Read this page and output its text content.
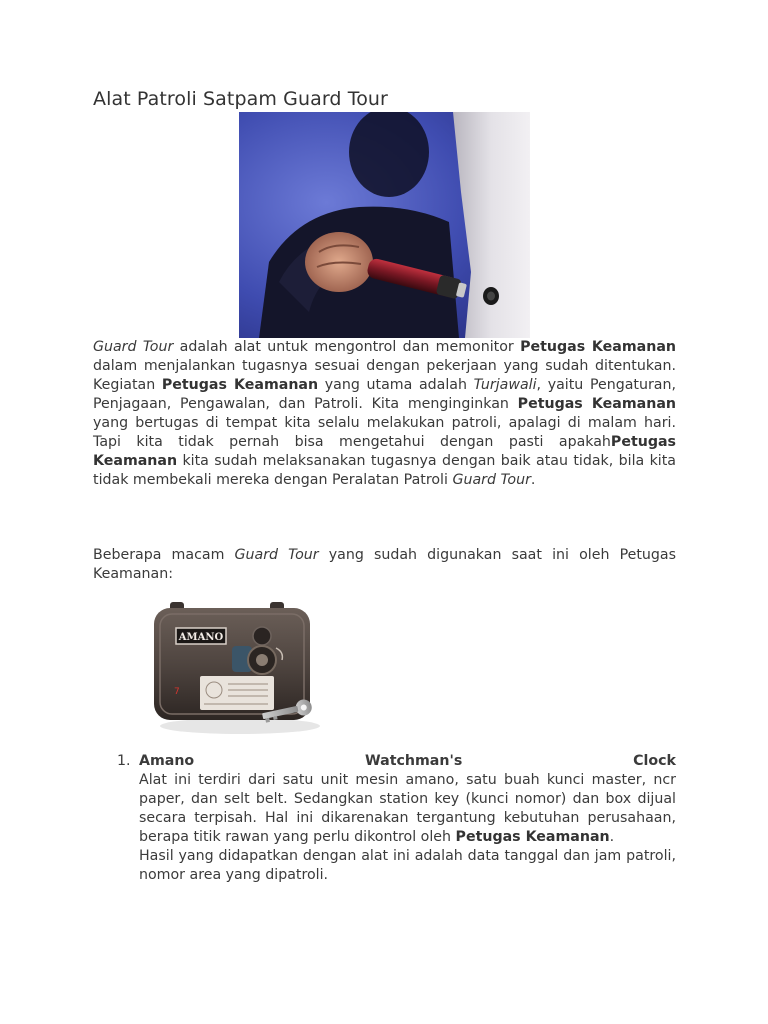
Alat Patroli Satpam Guard Tour

Guard Tour adalah alat untuk mengontrol dan memonitor Petugas Keamanan dalam menjalankan tugasnya sesuai dengan pekerjaan yang sudah ditentukan. Kegiatan Petugas Keamanan yang utama adalah Turjawali, yaitu Pengaturan, Penjagaan, Pengawalan, dan Patroli. Kita menginginkan Petugas Keamanan yang bertugas di tempat kita selalu melakukan patroli, apalagi di malam hari. Tapi kita tidak pernah bisa mengetahui dengan pasti apakahPetugas Keamanan kita sudah melaksanakan tugasnya dengan baik atau tidak, bila kita tidak membekali mereka dengan Peralatan Patroli Guard Tour.

Beberapa macam Guard Tour yang sudah digunakan saat ini oleh Petugas Keamanan:

AMANO
7
1. Amano	Watchman's	Clock
Alat ini terdiri dari satu unit mesin amano, satu buah kunci master, ncr paper, dan selt belt. Sedangkan station key (kunci nomor) dan box dijual secara terpisah. Hal ini dikarenakan tergantung kebutuhan perusahaan, berapa titik rawan yang perlu dikontrol oleh Petugas Keamanan.
Hasil yang didapatkan dengan alat ini adalah data tanggal dan jam patroli, nomor area yang dipatroli.
